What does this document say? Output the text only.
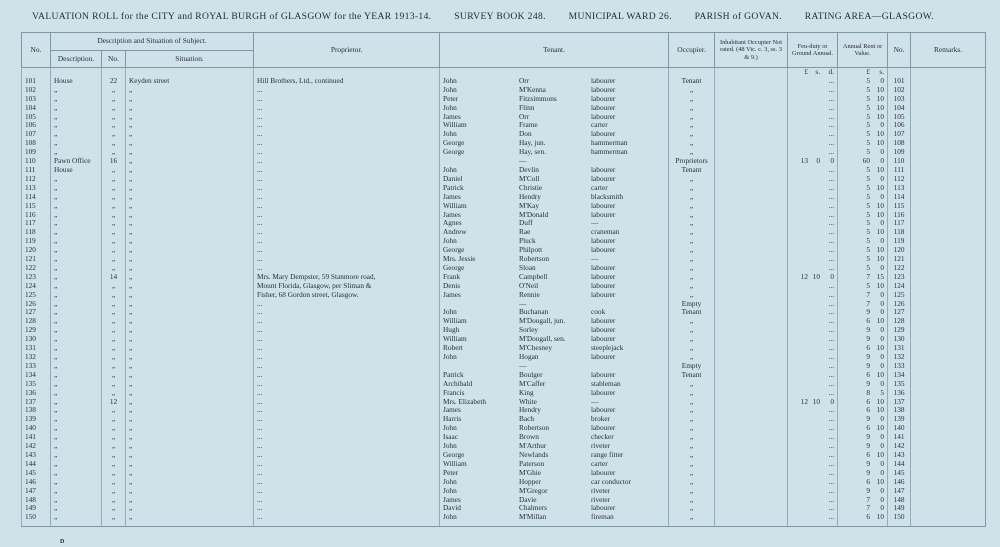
VALUATION ROLL for the CITY and ROYAL BURGH of GLASGOW for the YEAR 1913-14. SURVEY BOOK 248. MUNICIPAL WARD 26. PARISH of GOVAN. RATING AREA—GLASGOW.
No.	Description and Situation of Subject.			Proprietor.	Tenant.	Occupier.	Inhabitant Occupier Not rated. (48 Vic. c. 3, ss. 3 & 9.)	Feu-duty or Ground Annual.	Annual Rent or Value.	No.	Remarks.
	Description.	No.	Situation.								

								£ s. d.	£ s.		

101	House	22	Keyden street	Hill Brothers, Ltd., continued	John Orr labourer	Tenant		...	5 0	101	
102	„	„	„	...	John M'Kenna labourer	„		...	5 10	102	
103	„	„	„	...	Peter Fitzsimmons labourer	„		...	5 10	103	
104	„	„	„	...	John Flinn labourer	„		...	5 10	104	
105	„	„	„	...	James Orr labourer	„		...	5 10	105	
106	„	„	„	...	William Frame carter	„		...	5 0	106	
107	„	„	„	...	John Don labourer	„		...	5 10	107	
108	„	„	„	...	George Hay, jun. hammerman	„		...	5 10	108	
109	„	„	„	...	George Hay, sen. hammerman	„		...	5 0	109	
110	Pawn Office	16	„	...	—	Proprietors		13 0 0	60 0	110	
111	House	„	„	...	John Devlin labourer	Tenant		...	5 10	111	
112	„	„	„	...	Daniel M'Coll labourer	„		...	5 0	112	
113	„	„	„	...	Patrick Christie carter	„		...	5 10	113	
114	„	„	„	...	James Hendry blacksmith	„		...	5 0	114	
115	„	„	„	...	William M'Kay labourer	„		...	5 10	115	
116	„	„	„	...	James M'Donald labourer	„		...	5 10	116	
117	„	„	„	...	Agnes Duff —	„		...	5 0	117	
118	„	„	„	...	Andrew Rae craneman	„		...	5 10	118	
119	„	„	„	...	John Pluck labourer	„		...	5 0	119	
120	„	„	„	...	George Philpott labourer	„		...	5 10	120	
121	„	„	„	...	Mrs. Jessie Robertson —	„		...	5 10	121	
122	„	„	„	...	George Sloan labourer	„		...	5 0	122	
123	„	14	„	Mrs. Mary Dempster, 59 Stanmore road,	Frank Campbell labourer	„		12 10 0	7 15	123	
124	„	„	„	Mount Florida, Glasgow, per Sliman &	Denis O'Neil labourer	„		...	5 10	124	
125	„	„	„	Fisher, 68 Gordon street, Glasgow.	James Rennie labourer	„		...	7 0	125	
126	„	„	„	...	—	Empty		...	7 0	126	
127	„	„	„	...	John Buchanan cook	Tenant		...	9 0	127	
128	„	„	„	...	William M'Dougall, jun. labourer	„		...	6 10	128	
129	„	„	„	...	Hugh Sorley labourer	„		...	9 0	129	
130	„	„	„	...	William M'Dougall, sen. labourer	„		...	9 0	130	
131	„	„	„	...	Robert M'Chesney steeplejack	„		...	6 10	131	
132	„	„	„	...	John Hogan labourer	„		...	9 0	132	
133	„	„	„	...	—	Empty		...	9 0	133	
134	„	„	„	...	Patrick Boulger labourer	Tenant		...	6 10	134	
135	„	„	„	...	Archibald M'Caffer stableman	„		...	9 0	135	
136	„	„	„	...	Francis King labourer	„		...	8 5	136	
137	„	12	„	...	Mrs. Elizabeth White —	„		12 10 0	6 10	137	
138	„	„	„	...	James Hendry labourer	„		...	6 10	138	
139	„	„	„	...	Harris Bach broker	„		...	9 0	139	
140	„	„	„	...	John Robertson labourer	„		...	6 10	140	
141	„	„	„	...	Isaac Brown checker	„		...	9 0	141	
142	„	„	„	...	John M'Arthur riveter	„		...	9 0	142	
143	„	„	„	...	George Newlands range fitter	„		...	6 10	143	
144	„	„	„	...	William Paterson carter	„		...	9 0	144	
145	„	„	„	...	Peter M'Ghie labourer	„		...	9 0	145	
146	„	„	„	...	John Hopper car conductor	„		...	6 10	146	
147	„	„	„	...	John M'Gregor riveter	„		...	9 0	147	
148	„	„	„	...	James Davie riveter	„		...	7 0	148	
149	„	„	„	...	David Chalmers labourer	„		...	7 0	149	
150	„	„	„	...	John M'Millan fireman	„		...	6 10	150	
D
